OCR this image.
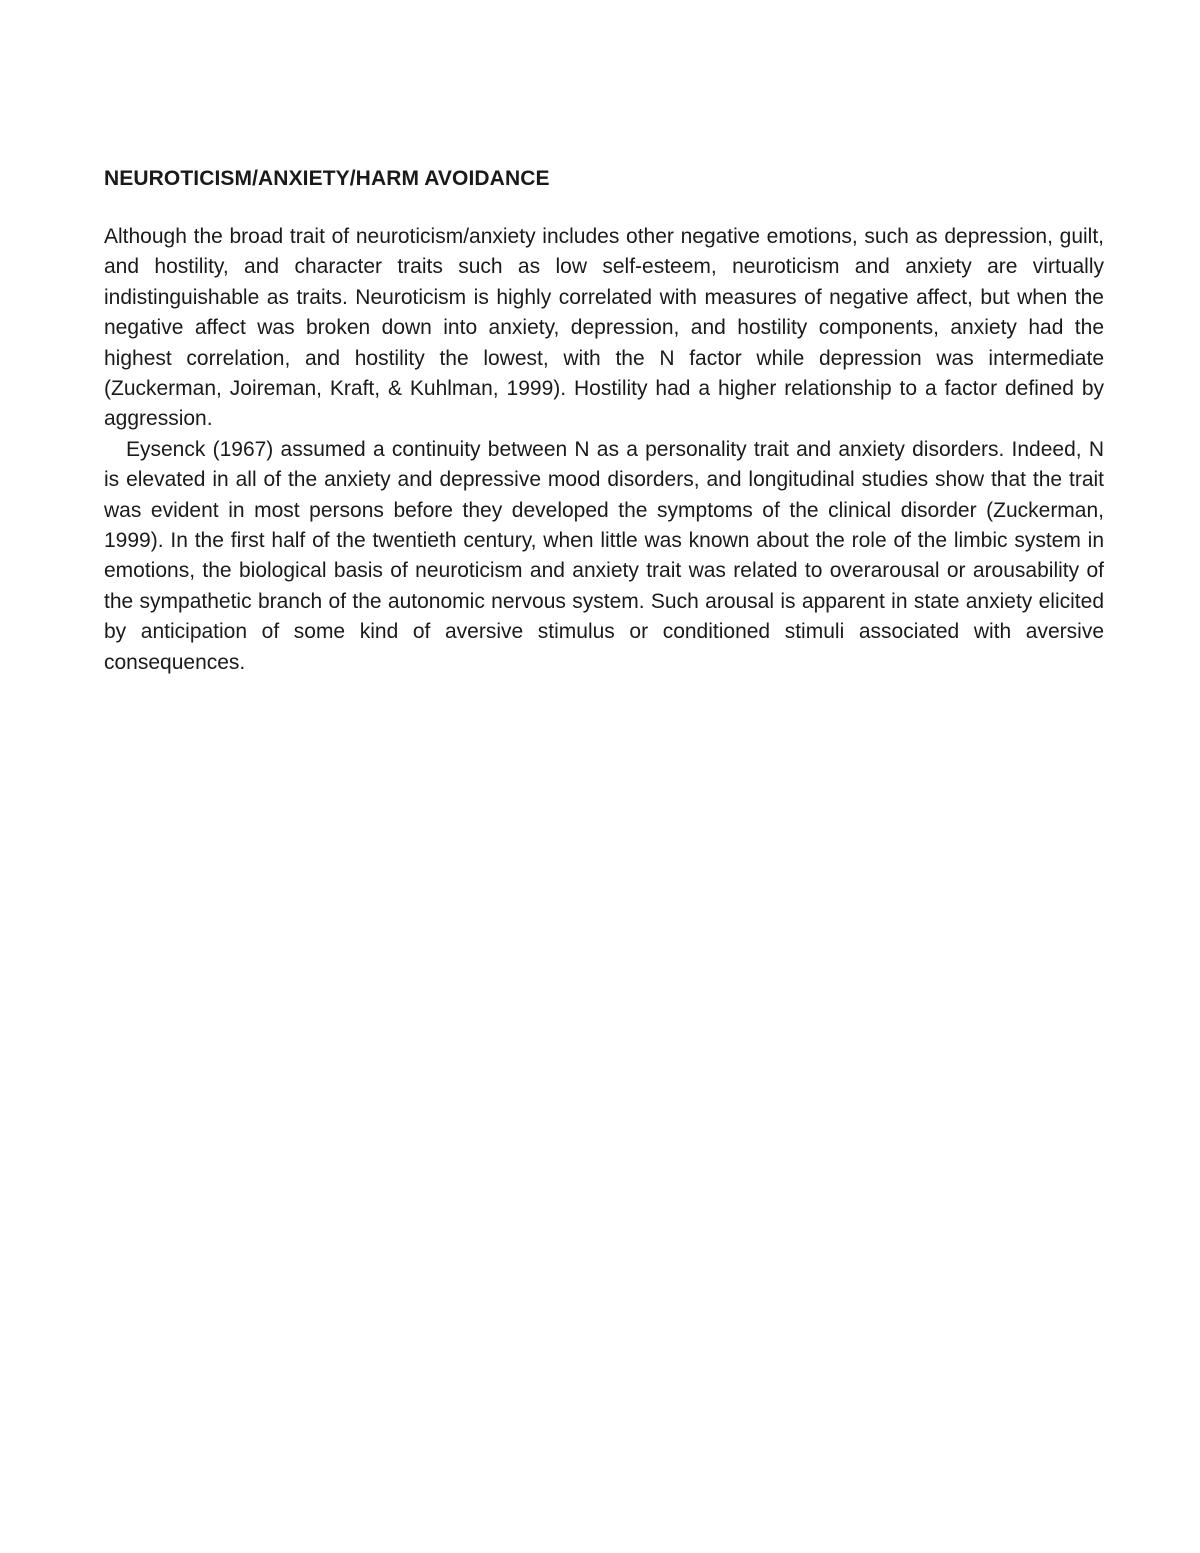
NEUROTICISM/ANXIETY/HARM AVOIDANCE

Although the broad trait of neuroticism/anxiety includes other negative emotions, such as depression, guilt, and hostility, and character traits such as low self-esteem, neuroticism and anxiety are virtually indistinguishable as traits. Neuroticism is highly correlated with measures of negative affect, but when the negative affect was broken down into anxiety, depression, and hostility components, anxiety had the highest correlation, and hostility the lowest, with the N factor while depression was intermediate (Zuckerman, Joireman, Kraft, & Kuhlman, 1999). Hostility had a higher relationship to a factor defined by aggression.

Eysenck (1967) assumed a continuity between N as a personality trait and anxiety disorders. Indeed, N is elevated in all of the anxiety and depressive mood disorders, and longitudinal studies show that the trait was evident in most persons before they developed the symptoms of the clinical disorder (Zuckerman, 1999). In the first half of the twentieth century, when little was known about the role of the limbic system in emotions, the biological basis of neuroticism and anxiety trait was related to overarousal or arousability of the sympathetic branch of the autonomic nervous system. Such arousal is apparent in state anxiety elicited by anticipation of some kind of aversive stimulus or conditioned stimuli associated with aversive consequences.
